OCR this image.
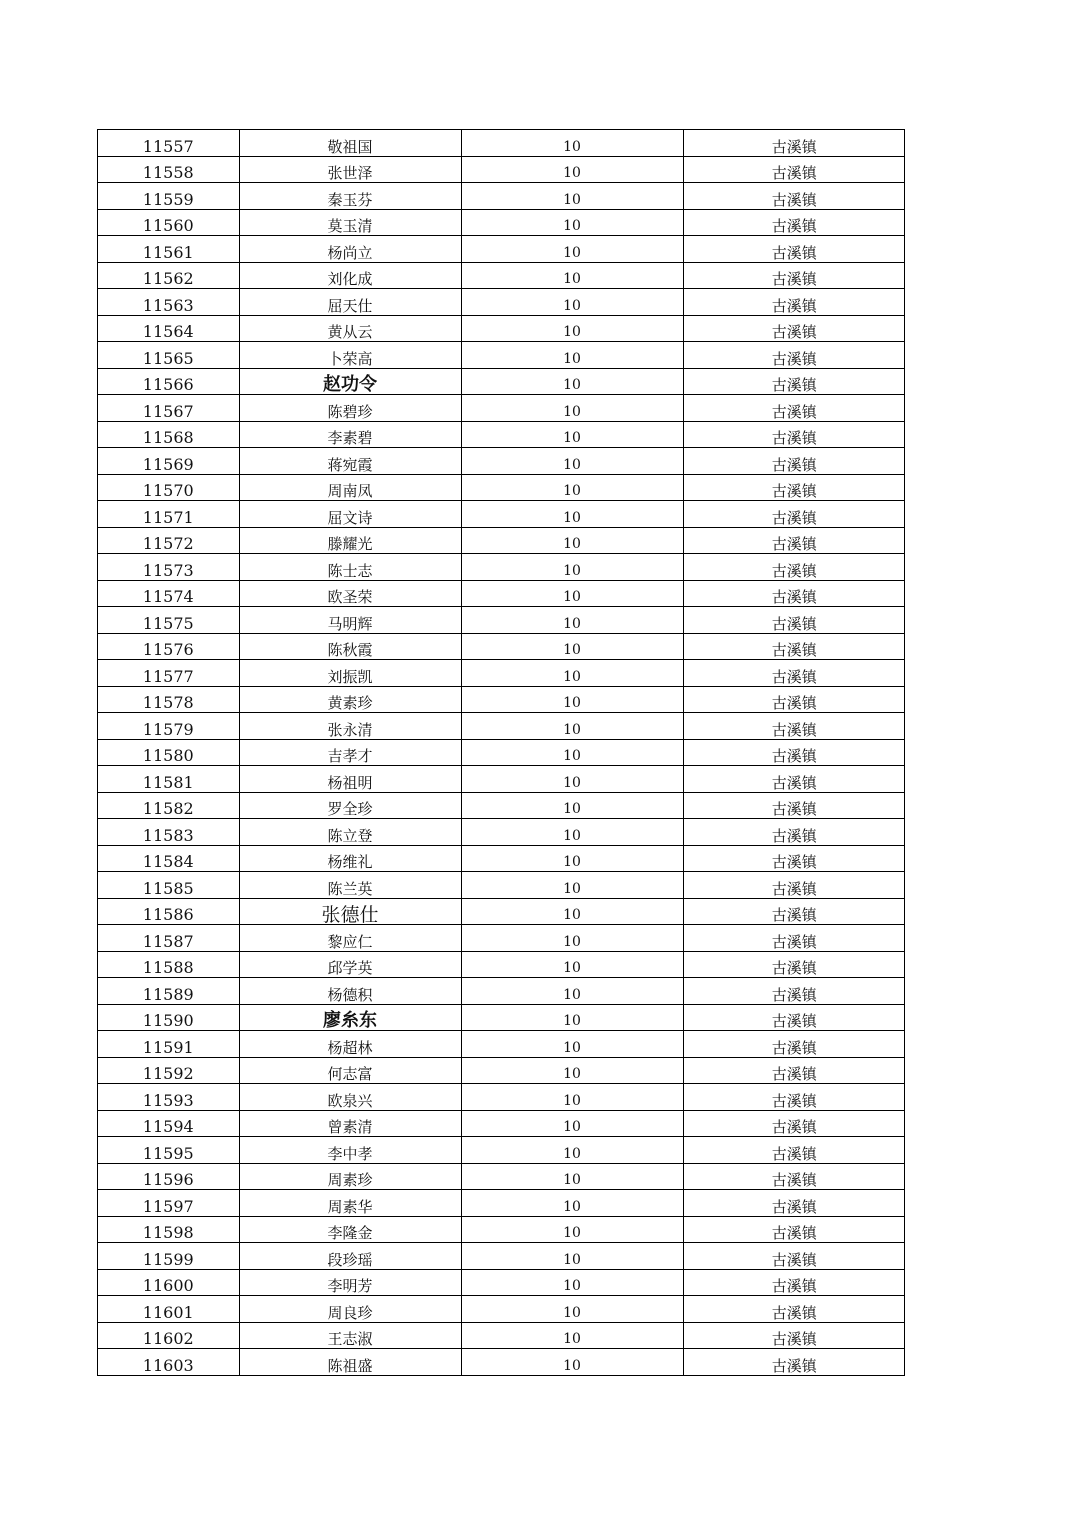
11557	敬祖国	10	古溪镇
11558	张世泽	10	古溪镇
11559	秦玉芬	10	古溪镇
11560	莫玉清	10	古溪镇
11561	杨尚立	10	古溪镇
11562	刘化成	10	古溪镇
11563	屈天仕	10	古溪镇
11564	黄从云	10	古溪镇
11565	卜荣高	10	古溪镇
11566	赵功令	10	古溪镇
11567	陈碧珍	10	古溪镇
11568	李素碧	10	古溪镇
11569	蒋宛霞	10	古溪镇
11570	周南凤	10	古溪镇
11571	屈文诗	10	古溪镇
11572	滕耀光	10	古溪镇
11573	陈士志	10	古溪镇
11574	欧圣荣	10	古溪镇
11575	马明辉	10	古溪镇
11576	陈秋霞	10	古溪镇
11577	刘振凯	10	古溪镇
11578	黄素珍	10	古溪镇
11579	张永清	10	古溪镇
11580	吉孝才	10	古溪镇
11581	杨祖明	10	古溪镇
11582	罗全珍	10	古溪镇
11583	陈立登	10	古溪镇
11584	杨维礼	10	古溪镇
11585	陈兰英	10	古溪镇
11586	张德仕	10	古溪镇
11587	黎应仁	10	古溪镇
11588	邱学英	10	古溪镇
11589	杨德积	10	古溪镇
11590	廖糸东	10	古溪镇
11591	杨超林	10	古溪镇
11592	何志富	10	古溪镇
11593	欧泉兴	10	古溪镇
11594	曾素清	10	古溪镇
11595	李中孝	10	古溪镇
11596	周素珍	10	古溪镇
11597	周素华	10	古溪镇
11598	李隆金	10	古溪镇
11599	段珍瑶	10	古溪镇
11600	李明芳	10	古溪镇
11601	周良珍	10	古溪镇
11602	王志淑	10	古溪镇
11603	陈祖盛	10	古溪镇
